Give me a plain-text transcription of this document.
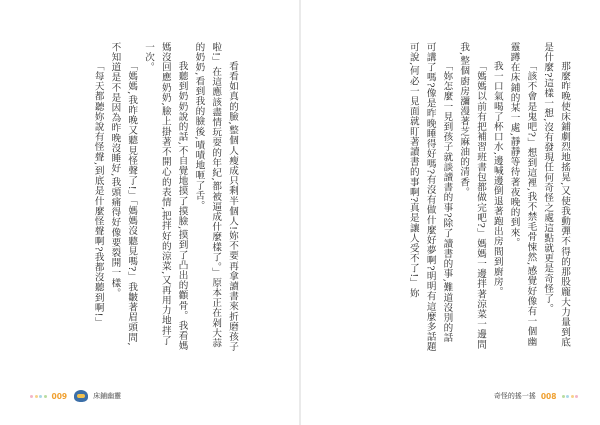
看看如真的臉,整個人瘦成只剩半個人!妳不要再拿讀書來折磨孩子啦!」在這應該盡情玩耍的年紀,都被逼成什麼樣了。」原本正在剁大蒜的奶奶,看到我的臉後,嘖嘖地咂了舌。

我聽到奶奶說的話,不自覺地摸了摸臉,摸到了凸出的顴骨。我看媽媽沒回應奶奶,臉上掛著不開心的表情,把拌好的涼菜,又再用力地拌了一次。

「媽媽,我昨晚又聽見怪聲了!」「媽媽沒聽見嗎?」我皺著眉頭問,不知道是不是因為昨晚沒睡好,我頭痛得好像要裂開一樣。

「每天都聽妳說有怪聲,到底是什麼怪聲啊?我都沒聽到啊!」

009	床鋪幽靈

那麼昨晚使床鋪劇烈地搖晃,又使我動彈不得的那股龐大力量到底是什麼?這樣一想,沒有發現任何奇怪之處這點就更是奇怪了。

「該不會是鬼吧?」想到這裡,我不禁毛骨悚然,感覺好像有一個幽靈蹲在床鋪的某一處,靜靜等待著夜晚的到來。

我一口氣喝了杯口水,邊喊邊倒退著跑出房間到廚房。

「媽媽以前有把補習班書包都做完吧?」媽媽一邊拌著涼菜一邊問我,整個廚房瀰漫著芝麻油的清香。

「妳怎麼一見到孩子就談讀書的事?除了讀書的事,難道沒別的話可講了嗎?像是昨晚睡得好嗎?有沒有做什麼好夢啊?明明有這麼多話題可說,何必一見面就盯著讀書的事啊?真是讓人受不了!」妳

奇怪的搖一搖 008
